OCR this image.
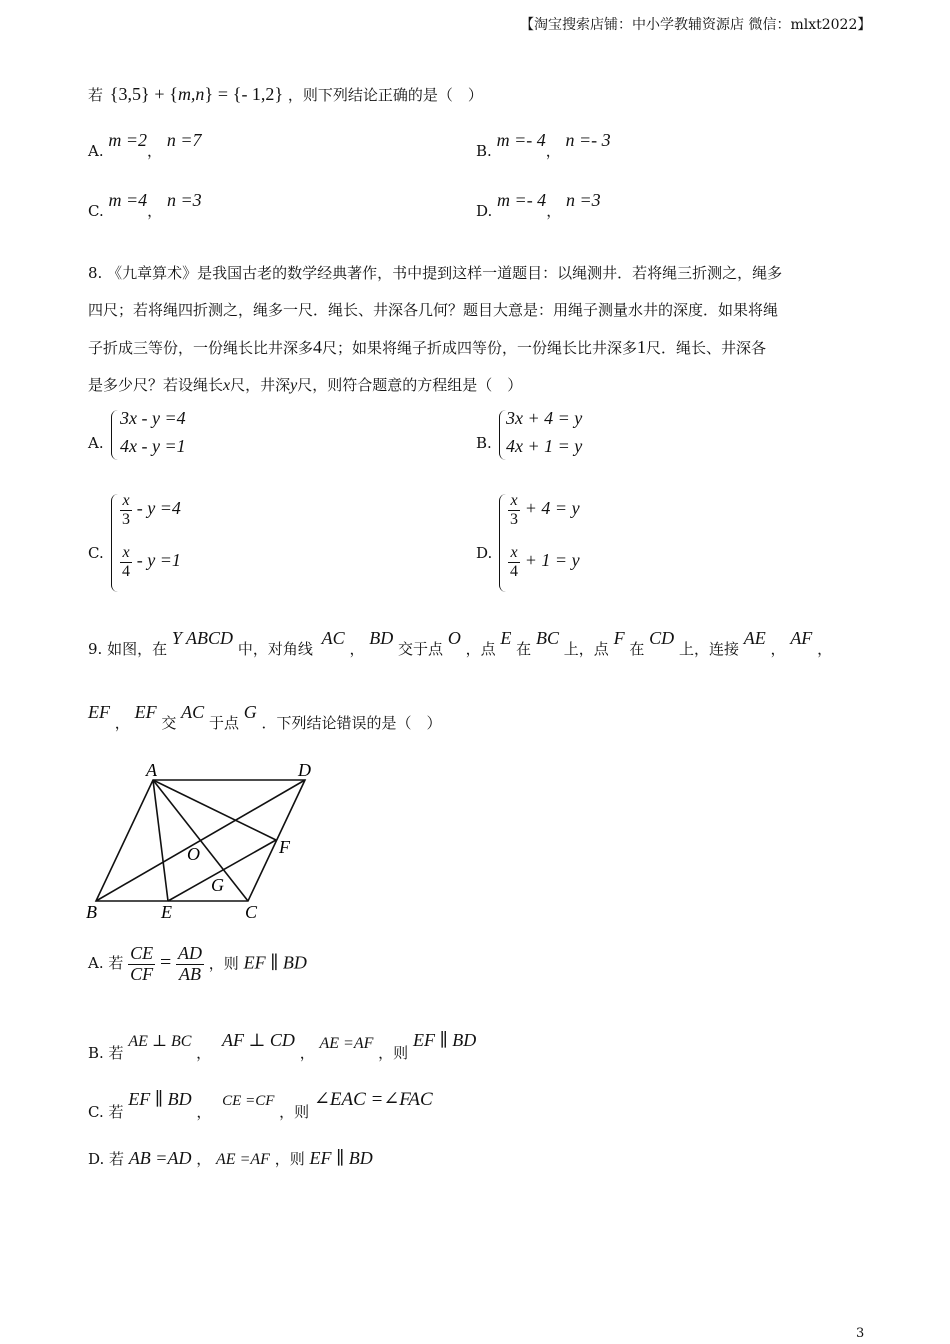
【淘宝搜索店铺：中小学教辅资源店 微信：mlxt2022】
若 {3,5} + {m,n} = {- 1,2} ，则下列结论正确的是（　）
A. m =2， n =7
B. m =- 4， n =- 3
C. m =4， n =3
D. m =- 4， n =3
8. 《九章算术》是我国古老的数学经典著作，书中提到这样一道题目：以绳测井．若将绳三折测之，绳多
四尺；若将绳四折测之，绳多一尺．绳长、井深各几何？题目大意是：用绳子测量水井的深度．如果将绳
子折成三等份，一份绳长比井深多4尺；如果将绳子折成四等份，一份绳长比井深多1尺．绳长、井深各
是多少尺？若设绳长x尺，井深y尺，则符合题意的方程组是（　）
A.
3x - y =4
4x - y =1	B.
3x + 4 = y
4x + 1 = y
C.
$\frac{x}{3} - y =4$
$\frac{x}{4} - y =1$	D.
$\frac{x}{3} + 4 = y$
$\frac{x}{4} + 1 = y$
9. 如图，在 Y ABCD 中，对角线 AC ， BD 交于点 O ，点 E 在 BC 上，点 F 在 CD 上，连接 AE ， AF ，
EF ， EF 交 AC 于点 G ．下列结论错误的是（　）
A	D
B	E	C
O	F
G
A. 若 $\frac{CE}{CF} = \frac{AD}{AB}$ ，则 EF ∥ BD
B. 若 AE ⊥ BC ， AF ⊥ CD ， AE =AF ，则 EF ∥ BD
C. 若 EF ∥ BD ， CE =CF ，则 ∠EAC =∠FAC
D. 若 AB =AD ， AE =AF ，则 EF ∥ BD
3
